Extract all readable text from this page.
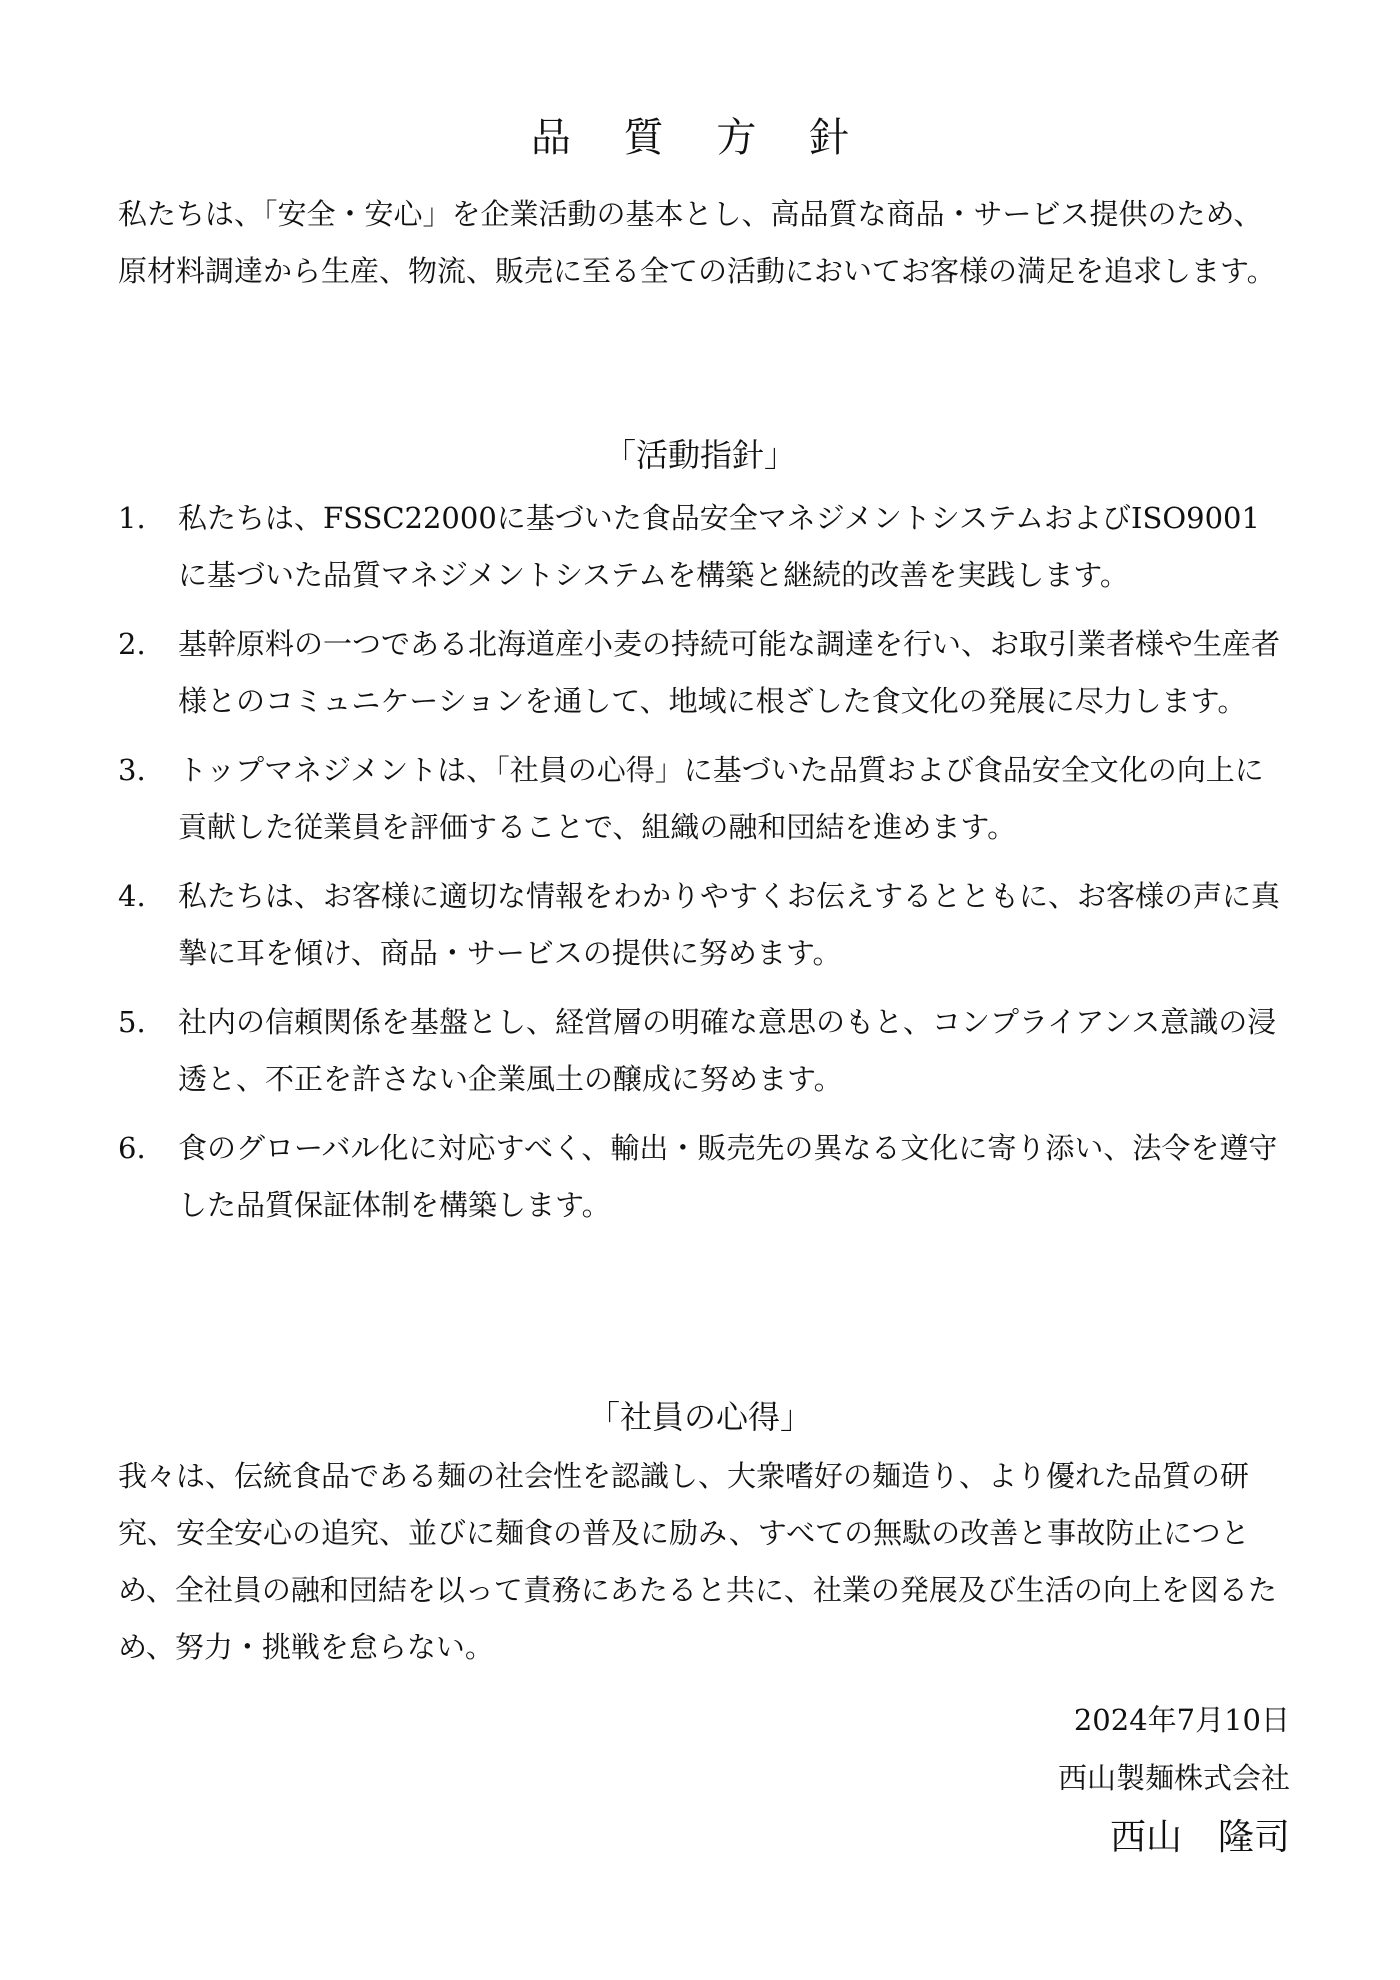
品 質 方 針

私たちは、「安全・安心」を企業活動の基本とし、高品質な商品・サービス提供のため、原材料調達から生産、物流、販売に至る全ての活動においてお客様の満足を追求します。

「活動指針」
1. 私たちは、FSSC22000に基づいた食品安全マネジメントシステムおよびISO9001に基づいた品質マネジメントシステムを構築と継続的改善を実践します。
2. 基幹原料の一つである北海道産小麦の持続可能な調達を行い、お取引業者様や生産者様とのコミュニケーションを通して、地域に根ざした食文化の発展に尽力します。
3. トップマネジメントは、「社員の心得」に基づいた品質および食品安全文化の向上に貢献した従業員を評価することで、組織の融和団結を進めます。
4. 私たちは、お客様に適切な情報をわかりやすくお伝えするとともに、お客様の声に真摯に耳を傾け、商品・サービスの提供に努めます。
5. 社内の信頼関係を基盤とし、経営層の明確な意思のもと、コンプライアンス意識の浸透と、不正を許さない企業風土の醸成に努めます。
6. 食のグローバル化に対応すべく、輸出・販売先の異なる文化に寄り添い、法令を遵守した品質保証体制を構築します。
「社員の心得」

我々は、伝統食品である麺の社会性を認識し、大衆嗜好の麺造り、より優れた品質の研究、安全安心の追究、並びに麺食の普及に励み、すべての無駄の改善と事故防止につとめ、全社員の融和団結を以って責務にあたると共に、社業の発展及び生活の向上を図るため、努力・挑戦を怠らない。

2024年7月10日
西山製麺株式会社
西山　隆司
